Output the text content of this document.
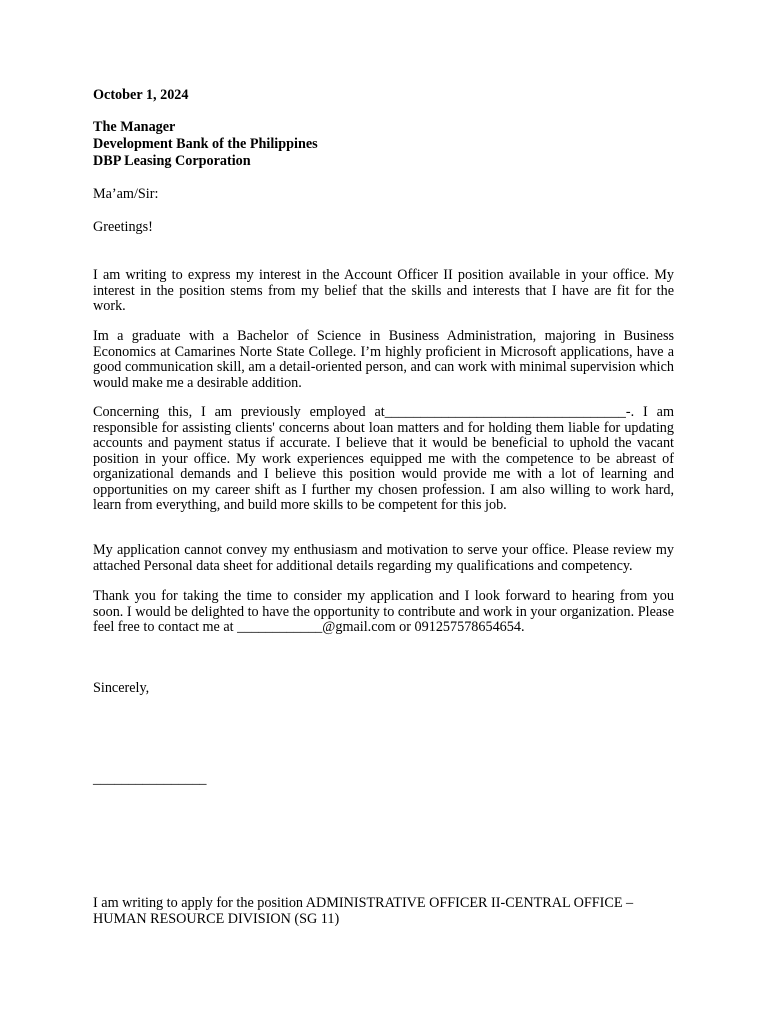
October 1, 2024

The Manager
Development Bank of the Philippines
DBP Leasing Corporation

Ma’am/Sir:

Greetings!

I am writing to express my interest in the Account Officer II position available in your office. My interest in the position stems from my belief that the skills and interests that I have are fit for the work.

Im a graduate with a Bachelor of Science in Business Administration, majoring in Business Economics at Camarines Norte State College. I’m highly proficient in Microsoft applications, have a good communication skill, am a detail-oriented person, and can work with minimal supervision which would make me a desirable addition.

Concerning this, I am previously employed at__________________________________-. I am responsible for assisting clients' concerns about loan matters and for holding them liable for updating accounts and payment status if accurate. I believe that it would be beneficial to uphold the vacant position in your office. My work experiences equipped me with the competence to be abreast of organizational demands and I believe this position would provide me with a lot of learning and opportunities on my career shift as I further my chosen profession. I am also willing to work hard, learn from everything, and build more skills to be competent for this job.

My application cannot convey my enthusiasm and motivation to serve your office. Please review my attached Personal data sheet for additional details regarding my qualifications and competency.

Thank you for taking the time to consider my application and I look forward to hearing from you soon. I would be delighted to have the opportunity to contribute and work in your organization. Please feel free to contact me at ____________@gmail.com or 091257578654654.

Sincerely,

________________

I am writing to apply for the position ADMINISTRATIVE OFFICER II-CENTRAL OFFICE –
HUMAN RESOURCE DIVISION (SG 11)
